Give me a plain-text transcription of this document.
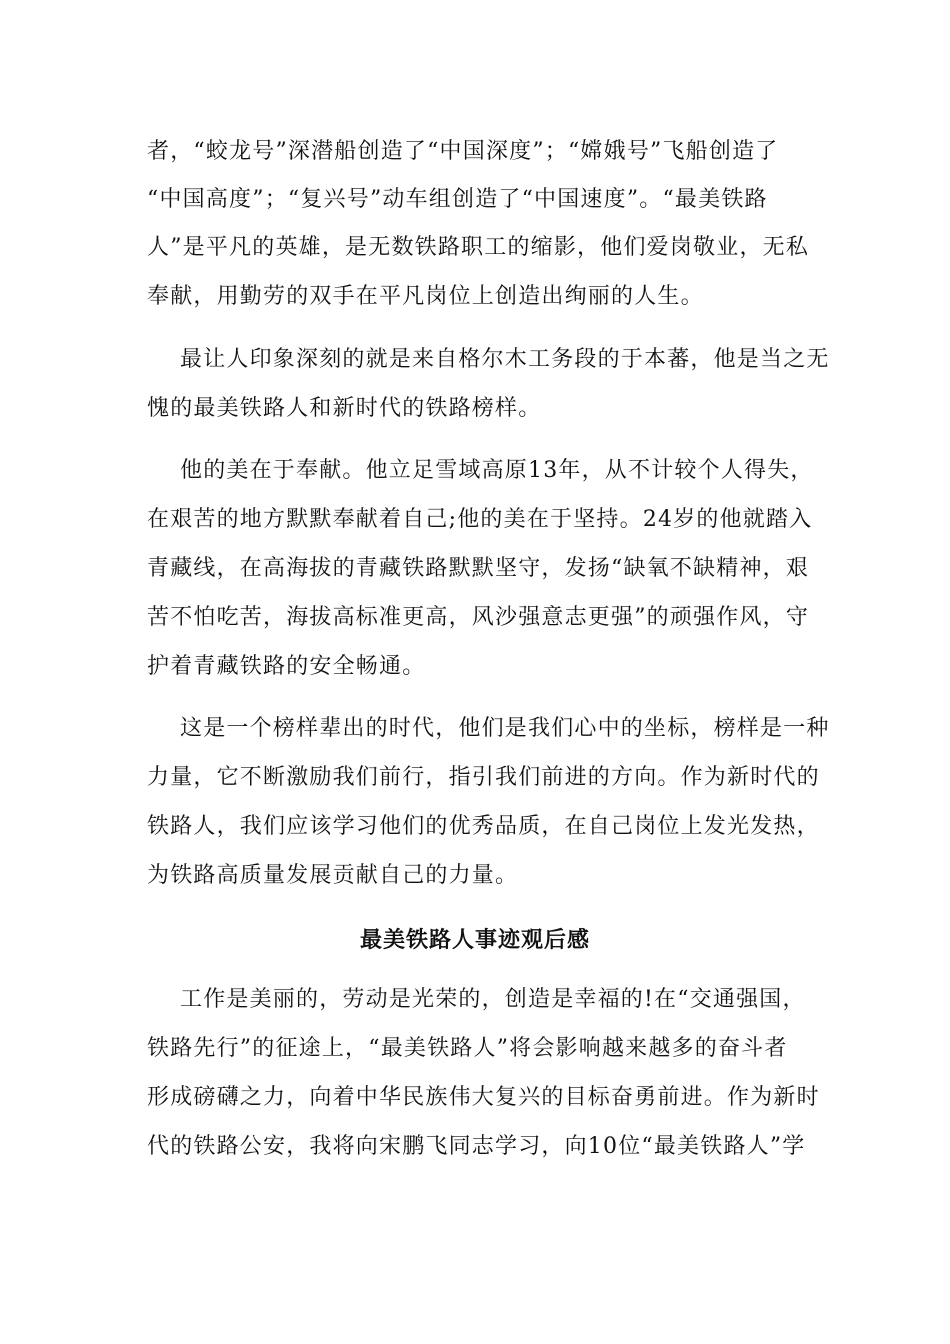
者，“蛟龙号”深潜船创造了“中国深度”；“嫦娥号”飞船创造了
“中国高度”；“复兴号”动车组创造了“中国速度”。“最美铁路
人”是平凡的英雄，是无数铁路职工的缩影，他们爱岗敬业，无私
奉献，用勤劳的双手在平凡岗位上创造出绚丽的人生。
最让人印象深刻的就是来自格尔木工务段的于本蕃，他是当之无
愧的最美铁路人和新时代的铁路榜样。
他的美在于奉献。他立足雪域高原13年，从不计较个人得失，
在艰苦的地方默默奉献着自己;他的美在于坚持。24岁的他就踏入
青藏线，在高海拔的青藏铁路默默坚守，发扬“缺氧不缺精神，艰
苦不怕吃苦，海拔高标准更高，风沙强意志更强”的顽强作风，守
护着青藏铁路的安全畅通。
这是一个榜样辈出的时代，他们是我们心中的坐标，榜样是一种
力量，它不断激励我们前行，指引我们前进的方向。作为新时代的
铁路人，我们应该学习他们的优秀品质，在自己岗位上发光发热，
为铁路高质量发展贡献自己的力量。
最美铁路人事迹观后感
工作是美丽的，劳动是光荣的，创造是幸福的!在“交通强国，
铁路先行”的征途上，“最美铁路人”将会影响越来越多的奋斗者
形成磅礴之力，向着中华民族伟大复兴的目标奋勇前进。作为新时
代的铁路公安，我将向宋鹏飞同志学习，向10位“最美铁路人”学
